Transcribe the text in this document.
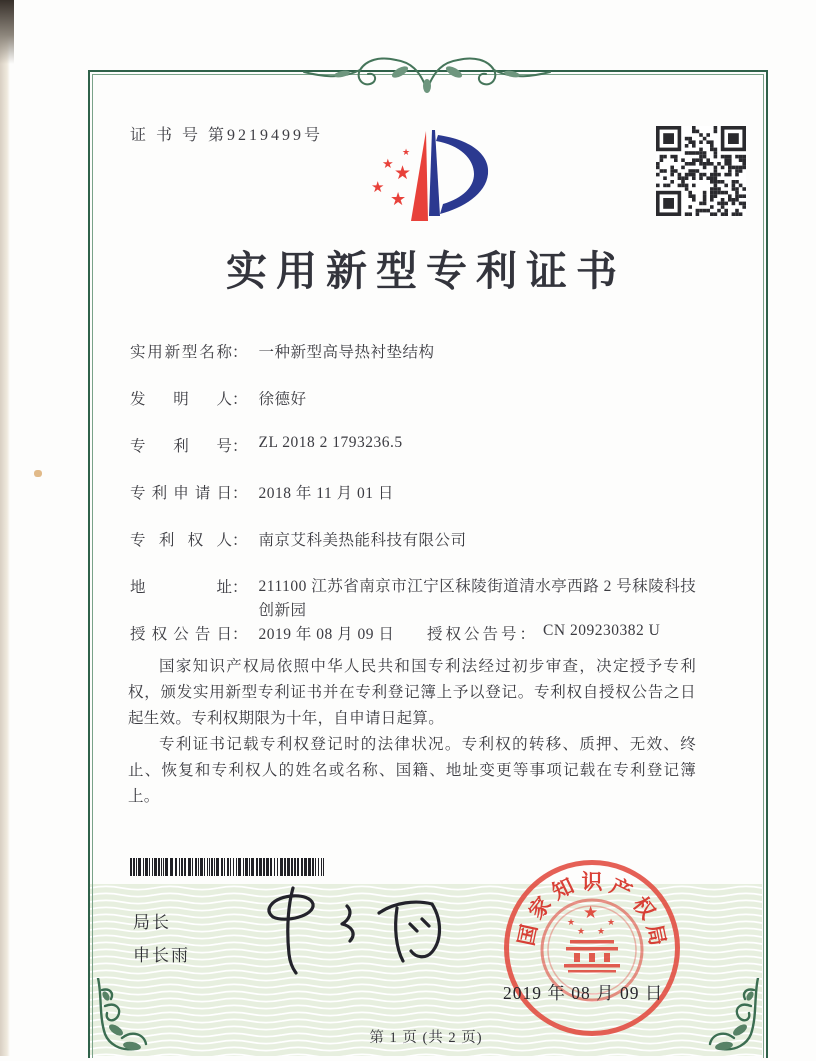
证 书 号 第9219499号
★
★ ★
★
★
实用新型专利证书
实用新型名称： 一种新型高导热衬垫结构
发明人： 徐德好
专利号： ZL 2018 2 1793236.5
专利申请日： 2018 年 11 月 01 日
专利权人： 南京艾科美热能科技有限公司
地址： 211100 江苏省南京市江宁区秣陵街道清水亭西路 2 号秣陵科技创新园
授权公告日： 2019 年 08 月 09 日 授权公告号： CN 209230382 U

国家知识产权局依照中华人民共和国专利法经过初步审查，决定授予专利权，颁发实用新型专利证书并在专利登记簿上予以登记。专利权自授权公告之日起生效。专利权期限为十年，自申请日起算。

专利证书记载专利权登记时的法律状况。专利权的转移、质押、无效、终止、恢复和专利权人的姓名或名称、国籍、地址变更等事项记载在专利登记簿上。

局长
申长雨
国
家
知 识 产
权
局
★
★
★ ★
★
2019 年 08 月 09 日
第 1 页 (共 2 页)
